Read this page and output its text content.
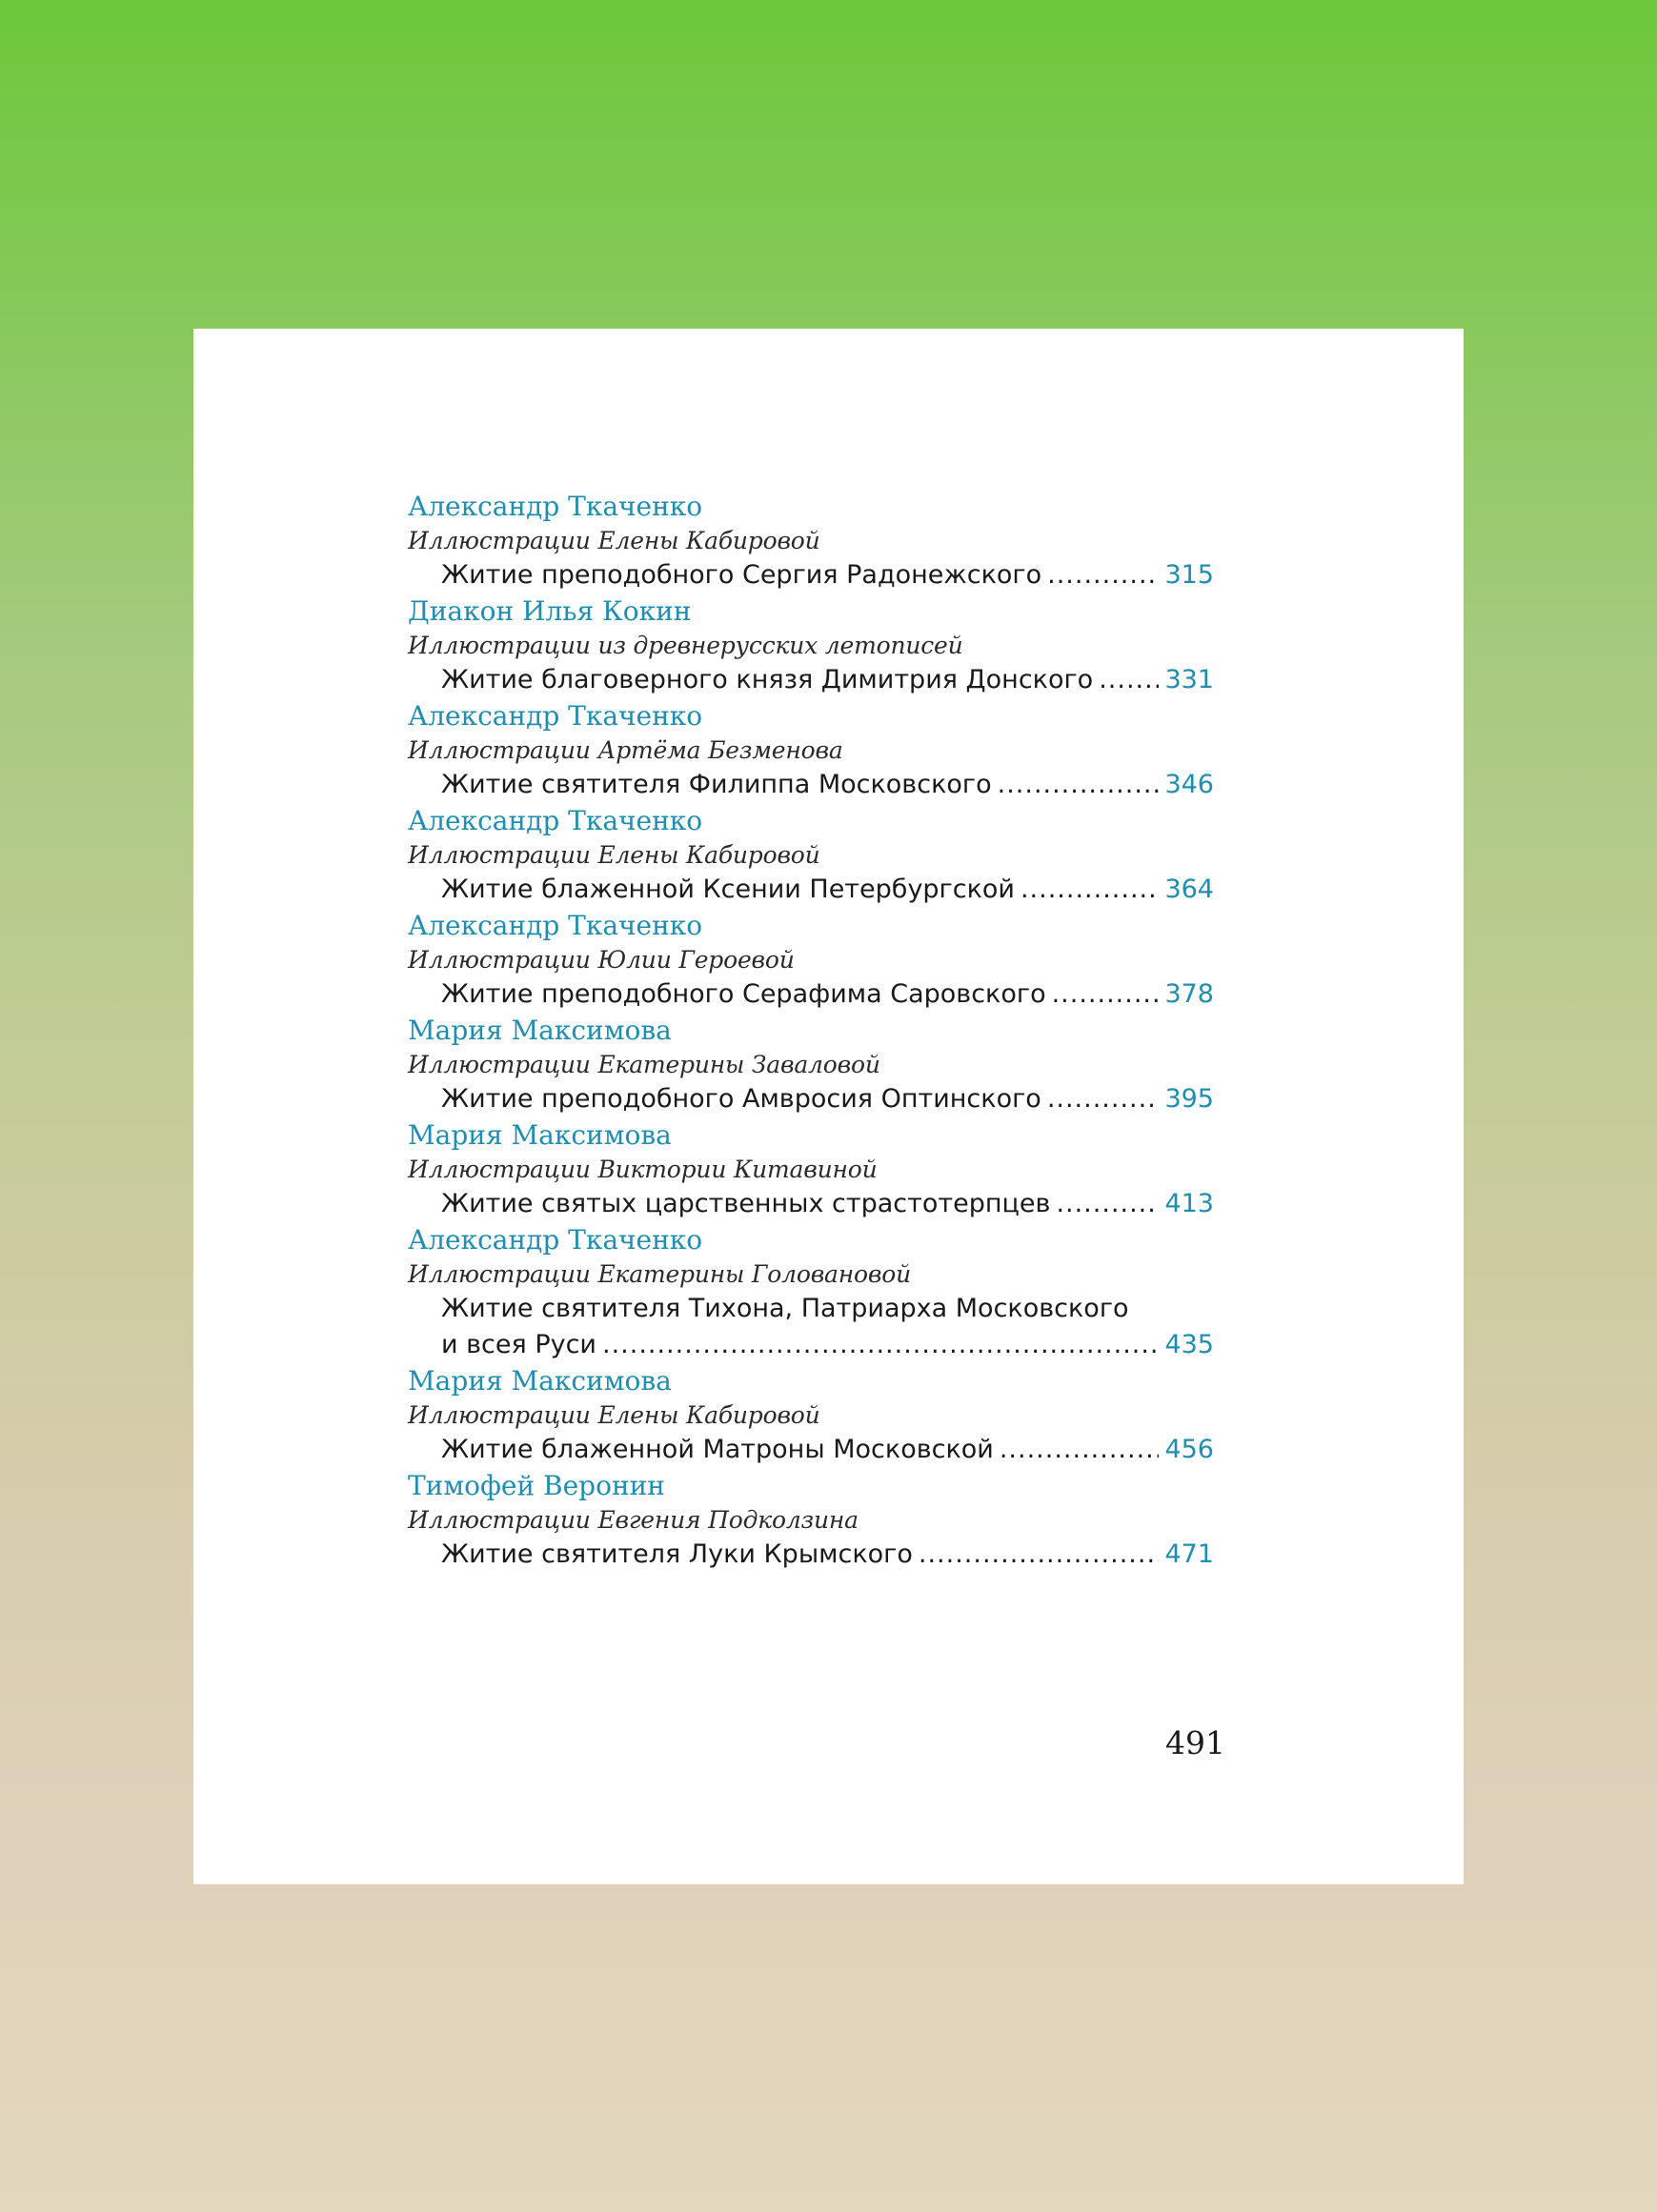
Александр Ткаченко
Иллюстрации Елены Кабировой
Житие преподобного Сергия Радонежского .....	315
Диакон Илья Кокин
Иллюстрации из древнерусских летописей
Житие благоверного князя Димитрия Донского .....	331
Александр Ткаченко
Иллюстрации Артёма Безменова
Житие святителя Филиппа Московского .....	346
Александр Ткаченко
Иллюстрации Елены Кабировой
Житие блаженной Ксении Петербургской .....	364
Александр Ткаченко
Иллюстрации Юлии Героевой
Житие преподобного Серафима Саровского .....	378
Мария Максимова
Иллюстрации Екатерины Заваловой
Житие преподобного Амвросия Оптинского .....	395
Мария Максимова
Иллюстрации Виктории Китавиной
Житие святых царственных страстотерпцев .....	413
Александр Ткаченко
Иллюстрации Екатерины Головановой
Житие святителя Тихона, Патриарха Московского
и всея Руси .....	435
Мария Максимова
Иллюстрации Елены Кабировой
Житие блаженной Матроны Московской .....	456
Тимофей Веронин
Иллюстрации Евгения Подколзина
Житие святителя Луки Крымского .....	471
491
